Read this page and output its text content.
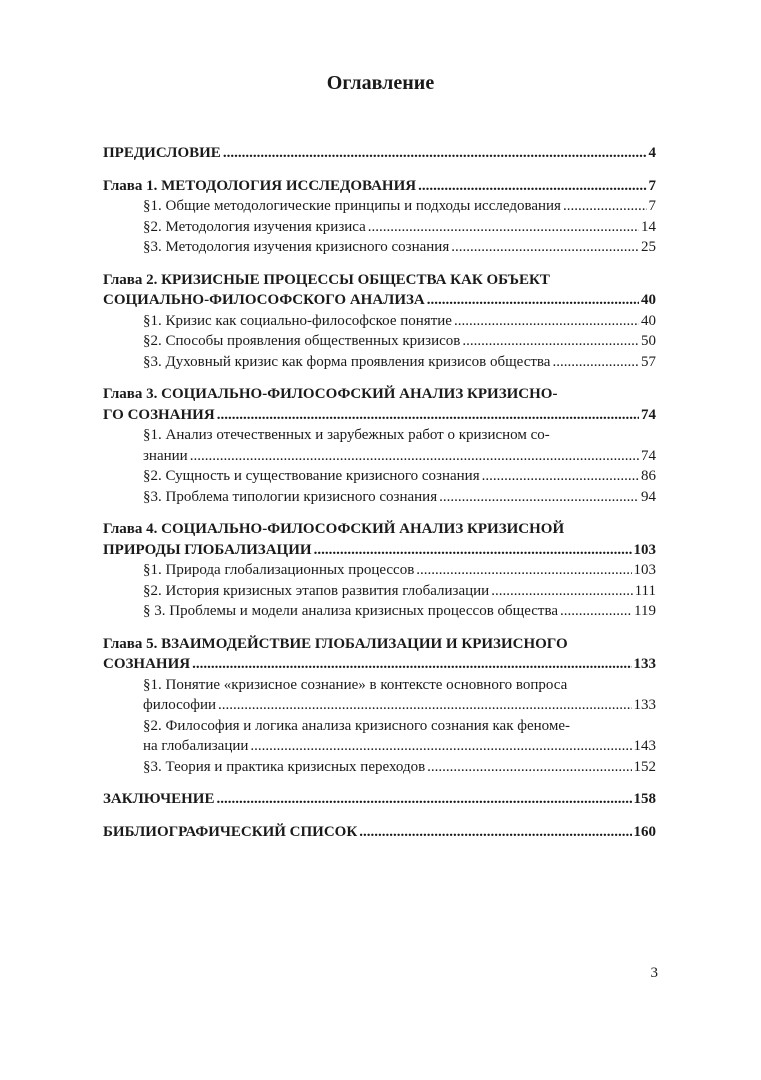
Оглавление
ПРЕДИСЛОВИЕ .....	4
Глава 1. МЕТОДОЛОГИЯ ИССЛЕДОВАНИЯ .....	7
§1. Общие методологические принципы и подходы исследования .....	7
§2. Методология изучения кризиса .....	14
§3. Методология изучения кризисного сознания .....	25
Глава 2. КРИЗИСНЫЕ ПРОЦЕССЫ ОБЩЕСТВА КАК ОБЪЕКТ
СОЦИАЛЬНО-ФИЛОСОФСКОГО АНАЛИЗА .....	40
§1. Кризис как социально-философское понятие .....	40
§2. Способы проявления общественных кризисов .....	50
§3. Духовный кризис как форма проявления кризисов общества .....	57
Глава 3. СОЦИАЛЬНО-ФИЛОСОФСКИЙ АНАЛИЗ КРИЗИСНО-
ГО СОЗНАНИЯ .....	74
§1. Анализ отечественных и зарубежных работ о кризисном со-
знании .....	74
§2. Сущность и существование кризисного сознания .....	86
§3. Проблема типологии кризисного сознания .....	94
Глава 4. СОЦИАЛЬНО-ФИЛОСОФСКИЙ АНАЛИЗ КРИЗИСНОЙ
ПРИРОДЫ ГЛОБАЛИЗАЦИИ .....	103
§1. Природа глобализационных процессов .....	103
§2. История кризисных этапов развития глобализации .....	111
§ 3. Проблемы и модели анализа кризисных процессов общества .....	119
Глава 5. ВЗАИМОДЕЙСТВИЕ ГЛОБАЛИЗАЦИИ И КРИЗИСНОГО
СОЗНАНИЯ .....	133
§1. Понятие «кризисное сознание» в контексте основного вопроса
философии .....	133
§2. Философия и логика анализа кризисного сознания как феноме-
на глобализации .....	143
§3. Теория и практика кризисных переходов .....	152
ЗАКЛЮЧЕНИЕ .....	158
БИБЛИОГРАФИЧЕСКИЙ СПИСОК .....	160
3
